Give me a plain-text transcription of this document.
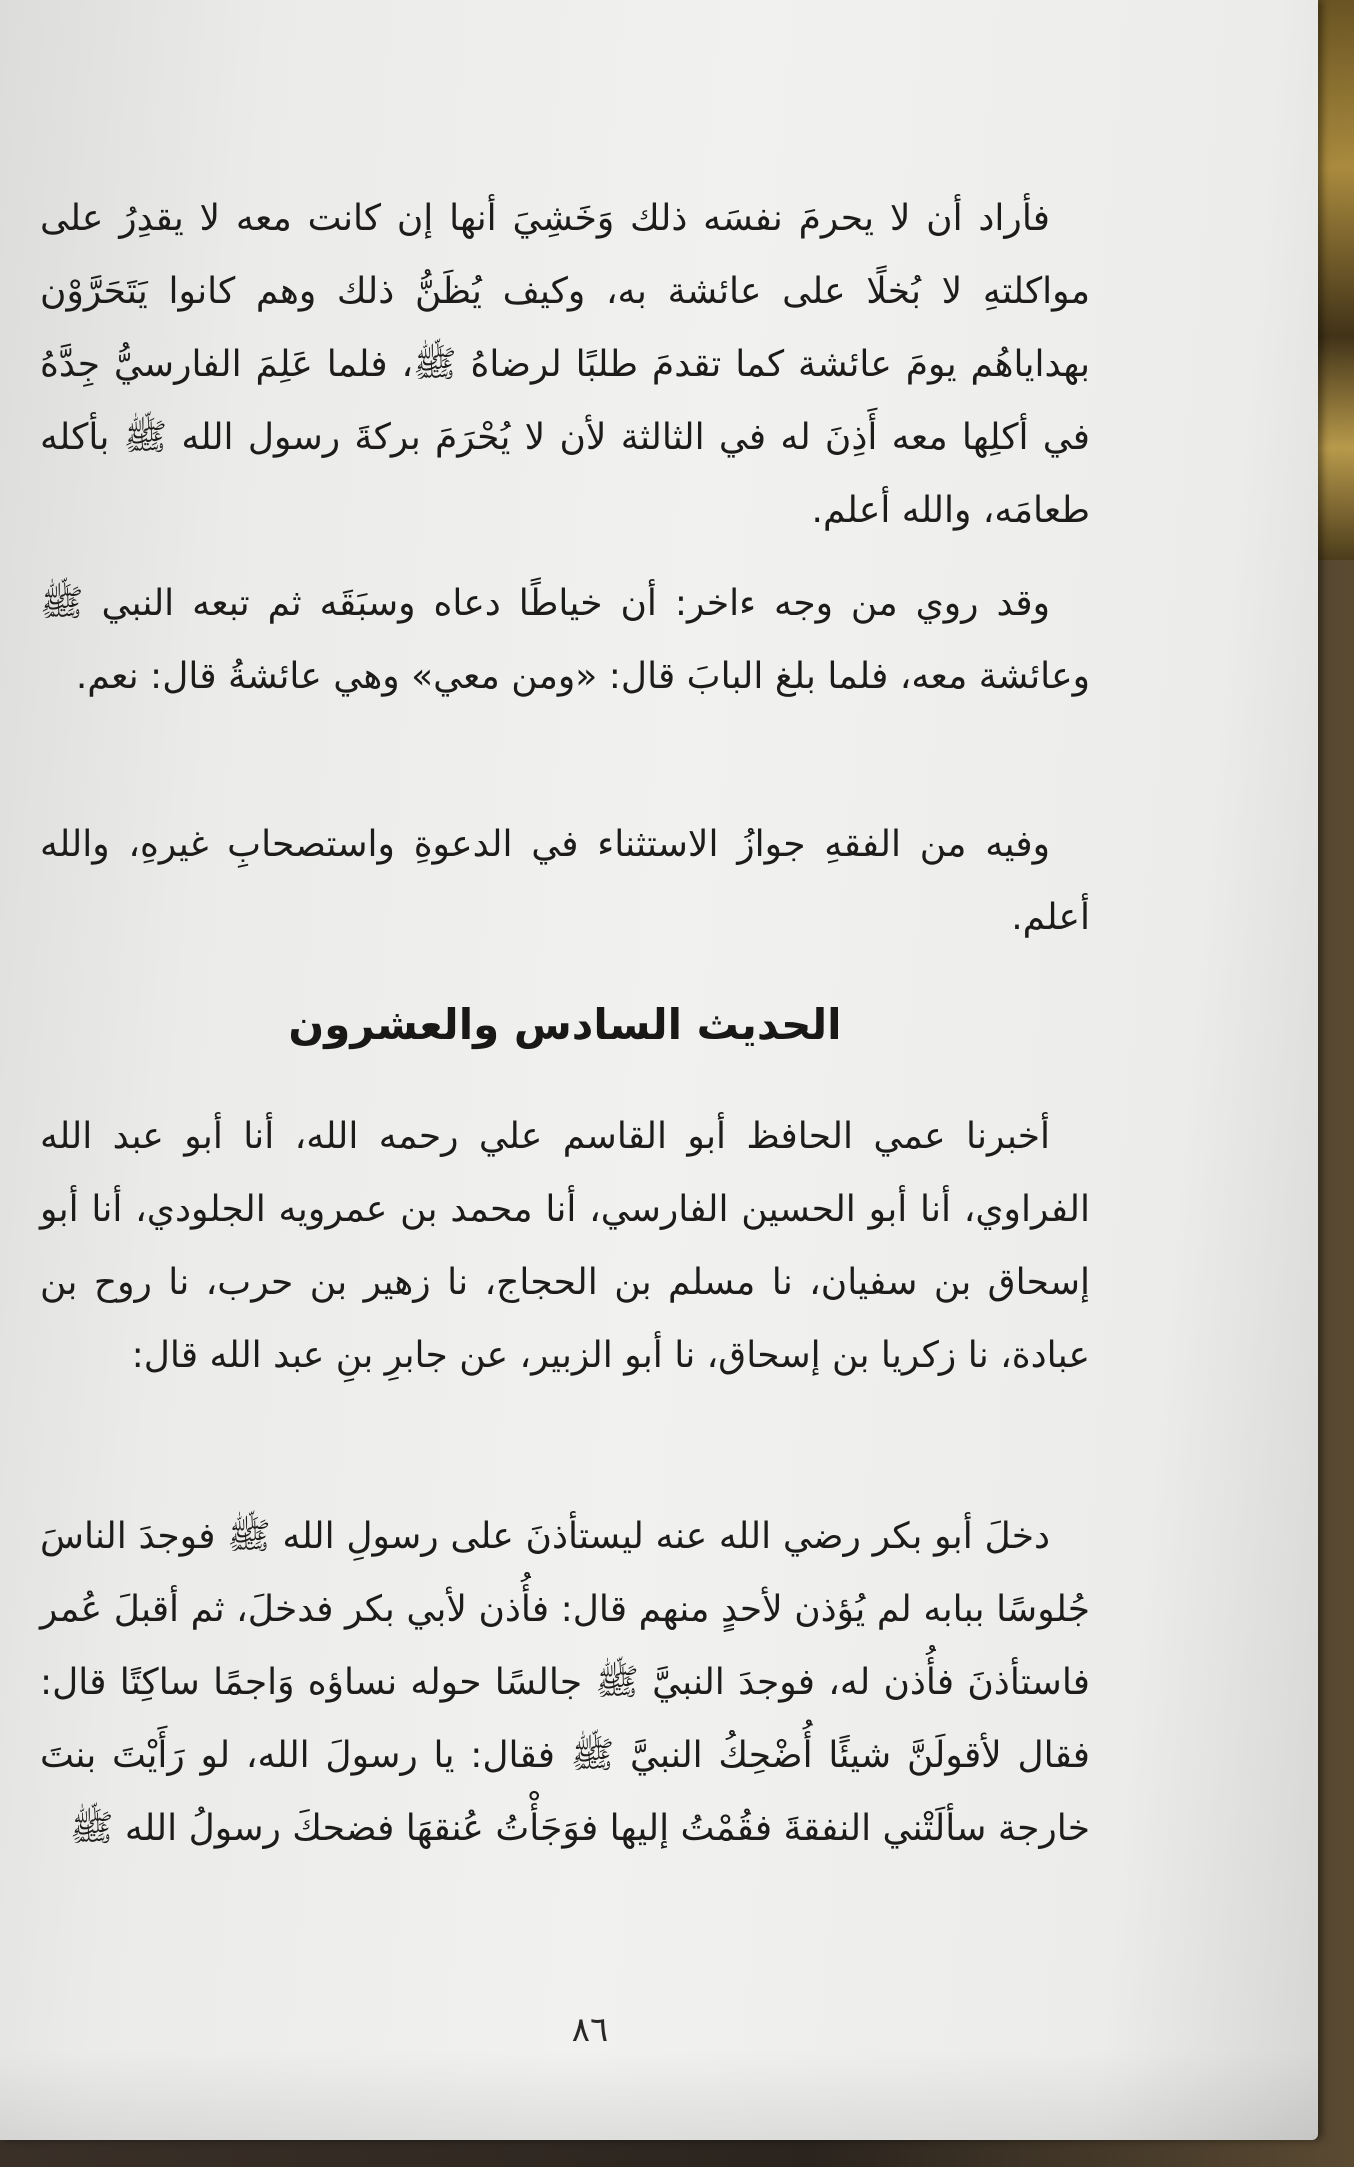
فأراد أن لا يحرمَ نفسَه ذلك وَخَشِيَ أنها إن كانت معه لا يقدِرُ على مواكلتهِ لا بُخلًا على عائشة به، وكيف يُظَنُّ ذلك وهم كانوا يَتَحَرَّوْن بهداياهُم يومَ عائشة كما تقدمَ طلبًا لرضاهُ ﷺ، فلما عَلِمَ الفارسيُّ جِدَّهُ في أكلِها معه أَذِنَ له في الثالثة لأن لا يُحْرَمَ بركةَ رسول الله ﷺ بأكله طعامَه، والله أعلم.

وقد روي من وجه ءاخر: أن خياطًا دعاه وسبَقَه ثم تبعه النبي ﷺ وعائشة معه، فلما بلغ البابَ قال: «ومن معي» وهي عائشةُ قال: نعم.

وفيه من الفقهِ جوازُ الاستثناء في الدعوةِ واستصحابِ غيرهِ، والله أعلم.

الحديث السادس والعشرون

أخبرنا عمي الحافظ أبو القاسم علي رحمه الله، أنا أبو عبد الله الفراوي، أنا أبو الحسين الفارسي، أنا محمد بن عمرويه الجلودي، أنا أبو إسحاق بن سفيان، نا مسلم بن الحجاج، نا زهير بن حرب، نا روح بن عبادة، نا زكريا بن إسحاق، نا أبو الزبير، عن جابرِ بنِ عبد الله قال:

دخلَ أبو بكر رضي الله عنه ليستأذنَ على رسولِ الله ﷺ فوجدَ الناسَ جُلوسًا ببابه لم يُؤذن لأحدٍ منهم قال: فأُذن لأبي بكر فدخلَ، ثم أقبلَ عُمر فاستأذنَ فأُذن له، فوجدَ النبيَّ ﷺ جالسًا حوله نساؤه وَاجمًا ساكِتًا قال: فقال لأقولَنَّ شيئًا أُضْحِكُ النبيَّ ﷺ فقال: يا رسولَ الله، لو رَأَيْتَ بنتَ خارجة سألَتْني النفقةَ فقُمْتُ إليها فوَجَأْتُ عُنقهَا فضحكَ رسولُ الله ﷺ

٨٦
